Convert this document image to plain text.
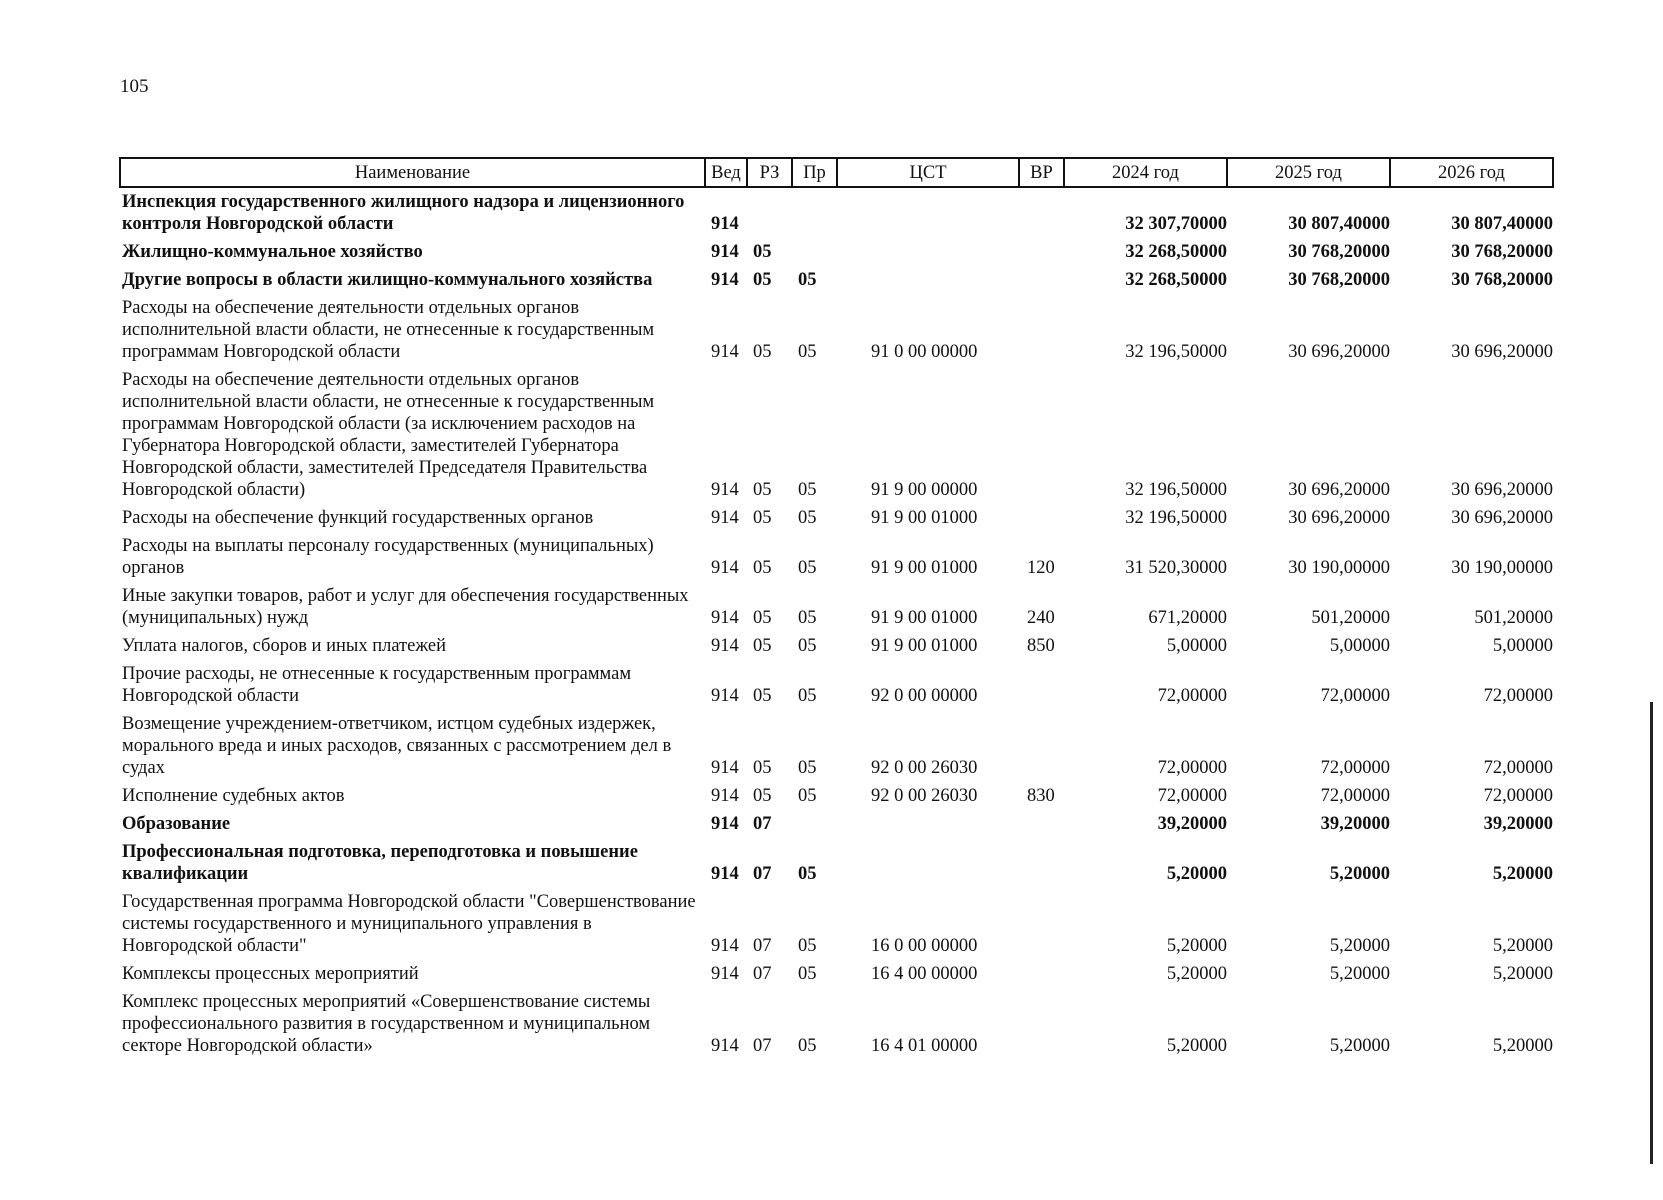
105
Наименование	Вед	РЗ	Пр	ЦСТ	ВР	2024 год	2025 год	2026 год
Инспекция государственного жилищного надзора и лицензионного контроля Новгородской области	914					32 307,70000	30 807,40000	30 807,40000
Жилищно-коммунальное хозяйство	914	05				32 268,50000	30 768,20000	30 768,20000
Другие вопросы в области жилищно-коммунального хозяйства	914	05	05			32 268,50000	30 768,20000	30 768,20000
Расходы на обеспечение деятельности отдельных органов исполнительной власти области, не отнесенные к государственным программам Новгородской области	914	05	05	91 0 00 00000		32 196,50000	30 696,20000	30 696,20000
Расходы на обеспечение деятельности отдельных органов исполнительной власти области, не отнесенные к государственным программам Новгородской области (за исключением расходов на Губернатора Новгородской области, заместителей Губернатора Новгородской области, заместителей Председателя Правительства Новгородской области)	914	05	05	91 9 00 00000		32 196,50000	30 696,20000	30 696,20000
Расходы на обеспечение функций государственных органов	914	05	05	91 9 00 01000		32 196,50000	30 696,20000	30 696,20000
Расходы на выплаты персоналу государственных (муниципальных) органов	914	05	05	91 9 00 01000	120	31 520,30000	30 190,00000	30 190,00000
Иные закупки товаров, работ и услуг для обеспечения государственных (муниципальных) нужд	914	05	05	91 9 00 01000	240	671,20000	501,20000	501,20000
Уплата налогов, сборов и иных платежей	914	05	05	91 9 00 01000	850	5,00000	5,00000	5,00000
Прочие расходы, не отнесенные к государственным программам Новгородской области	914	05	05	92 0 00 00000		72,00000	72,00000	72,00000
Возмещение учреждением-ответчиком, истцом судебных издержек, морального вреда и иных расходов, связанных с рассмотрением дел в судах	914	05	05	92 0 00 26030		72,00000	72,00000	72,00000
Исполнение судебных актов	914	05	05	92 0 00 26030	830	72,00000	72,00000	72,00000
Образование	914	07				39,20000	39,20000	39,20000
Профессиональная подготовка, переподготовка и повышение квалификации	914	07	05			5,20000	5,20000	5,20000
Государственная программа Новгородской области "Совершенствование системы государственного и муниципального управления в Новгородской области"	914	07	05	16 0 00 00000		5,20000	5,20000	5,20000
Комплексы процессных мероприятий	914	07	05	16 4 00 00000		5,20000	5,20000	5,20000
Комплекс процессных мероприятий «Совершенствование системы профессионального развития в государственном и муниципальном секторе Новгородской области»	914	07	05	16 4 01 00000		5,20000	5,20000	5,20000
